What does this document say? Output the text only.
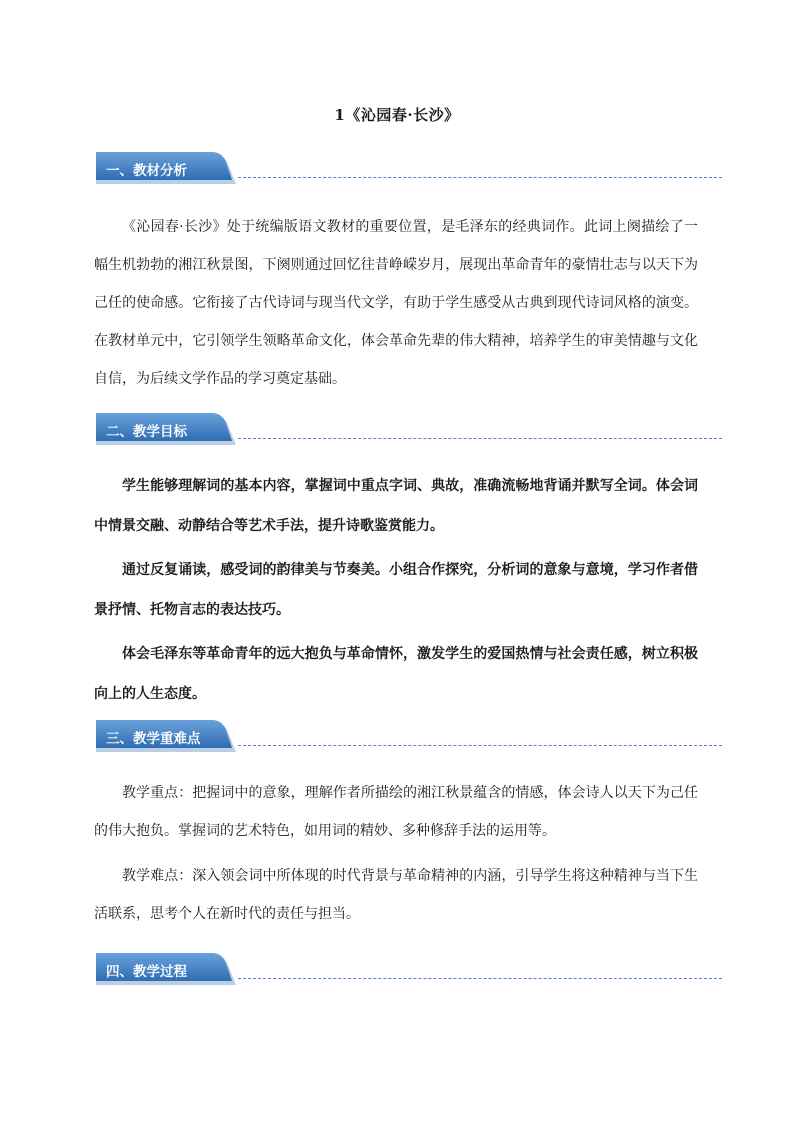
1《沁园春·长沙》
一、教材分析
《沁园春·长沙》处于统编版语文教材的重要位置，是毛泽东的经典词作。此词上阕描绘了一幅生机勃勃的湘江秋景图，下阕则通过回忆往昔峥嵘岁月，展现出革命青年的豪情壮志与以天下为己任的使命感。它衔接了古代诗词与现当代文学，有助于学生感受从古典到现代诗词风格的演变。在教材单元中，它引领学生领略革命文化，体会革命先辈的伟大精神，培养学生的审美情趣与文化自信，为后续文学作品的学习奠定基础。
二、教学目标
学生能够理解词的基本内容，掌握词中重点字词、典故，准确流畅地背诵并默写全词。体会词中情景交融、动静结合等艺术手法，提升诗歌鉴赏能力。
通过反复诵读，感受词的韵律美与节奏美。小组合作探究，分析词的意象与意境，学习作者借景抒情、托物言志的表达技巧。
体会毛泽东等革命青年的远大抱负与革命情怀，激发学生的爱国热情与社会责任感，树立积极向上的人生态度。
三、教学重难点
教学重点：把握词中的意象，理解作者所描绘的湘江秋景蕴含的情感，体会诗人以天下为己任的伟大抱负。掌握词的艺术特色，如用词的精妙、多种修辞手法的运用等。
教学难点：深入领会词中所体现的时代背景与革命精神的内涵，引导学生将这种精神与当下生活联系，思考个人在新时代的责任与担当。
四、教学过程
